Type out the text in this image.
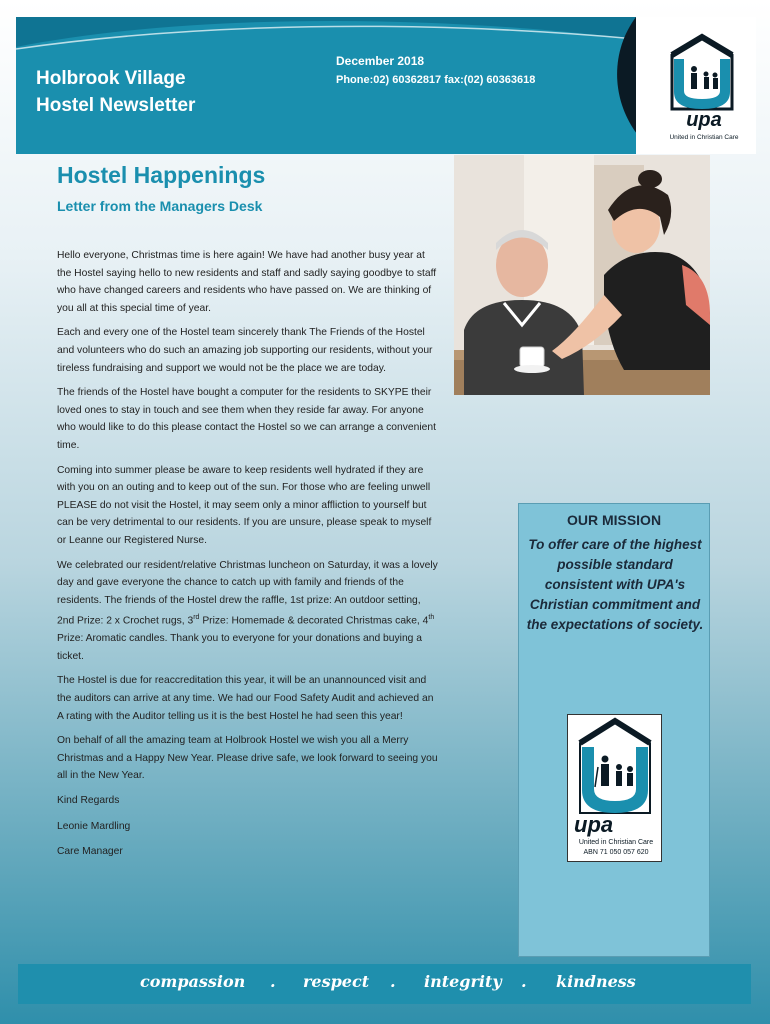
Holbrook Village
Hostel Newsletter
December 2018
Phone:02) 60362817 fax:(02) 60363618
upa
United in Christian Care
Hostel Happenings
Letter from the Managers Desk

Hello everyone, Christmas time is here again! We have had another busy year at the Hostel saying hello to new residents and staff and sadly saying goodbye to staff who have changed careers and residents who have passed on. We are thinking of you all at this special time of year.

Each and every one of the Hostel team sincerely thank The Friends of the Hostel and volunteers who do such an amazing job supporting our residents, without your tireless fundraising and support we would not be the place we are today.

The friends of the Hostel have bought a computer for the residents to SKYPE their loved ones to stay in touch and see them when they reside far away. For anyone who would like to do this please contact the Hostel so we can arrange a convenient time.

Coming into summer please be aware to keep residents well hydrated if they are with you on an outing and to keep out of the sun. For those who are feeling unwell PLEASE do not visit the Hostel, it may seem only a minor affliction to yourself but can be very detrimental to our residents. If you are unsure, please speak to myself or Leanne our Registered Nurse.

We celebrated our resident/relative Christmas luncheon on Saturday, it was a lovely day and gave everyone the chance to catch up with family and friends of the residents. The friends of the Hostel drew the raffle, 1st prize: An outdoor setting, 2nd Prize: 2 x Crochet rugs, 3rd Prize: Homemade & decorated Christmas cake, 4th Prize: Aromatic candles. Thank you to everyone for your donations and buying a ticket.

The Hostel is due for reaccreditation this year, it will be an unannounced visit and the auditors can arrive at any time. We had our Food Safety Audit and achieved an A rating with the Auditor telling us it is the best Hostel he had seen this year!

On behalf of all the amazing team at Holbrook Hostel we wish you all a Merry Christmas and a Happy New Year. Please drive safe, we look forward to seeing you all in the New Year.

Kind Regards

Leonie Mardling

Care Manager

OUR MISSION
To offer care of the highest possible standard consistent with UPA's Christian commitment and the expectations of society.
upa
United in Christian Care
ABN 71 050 057 620
compassion . respect . integrity . kindness
